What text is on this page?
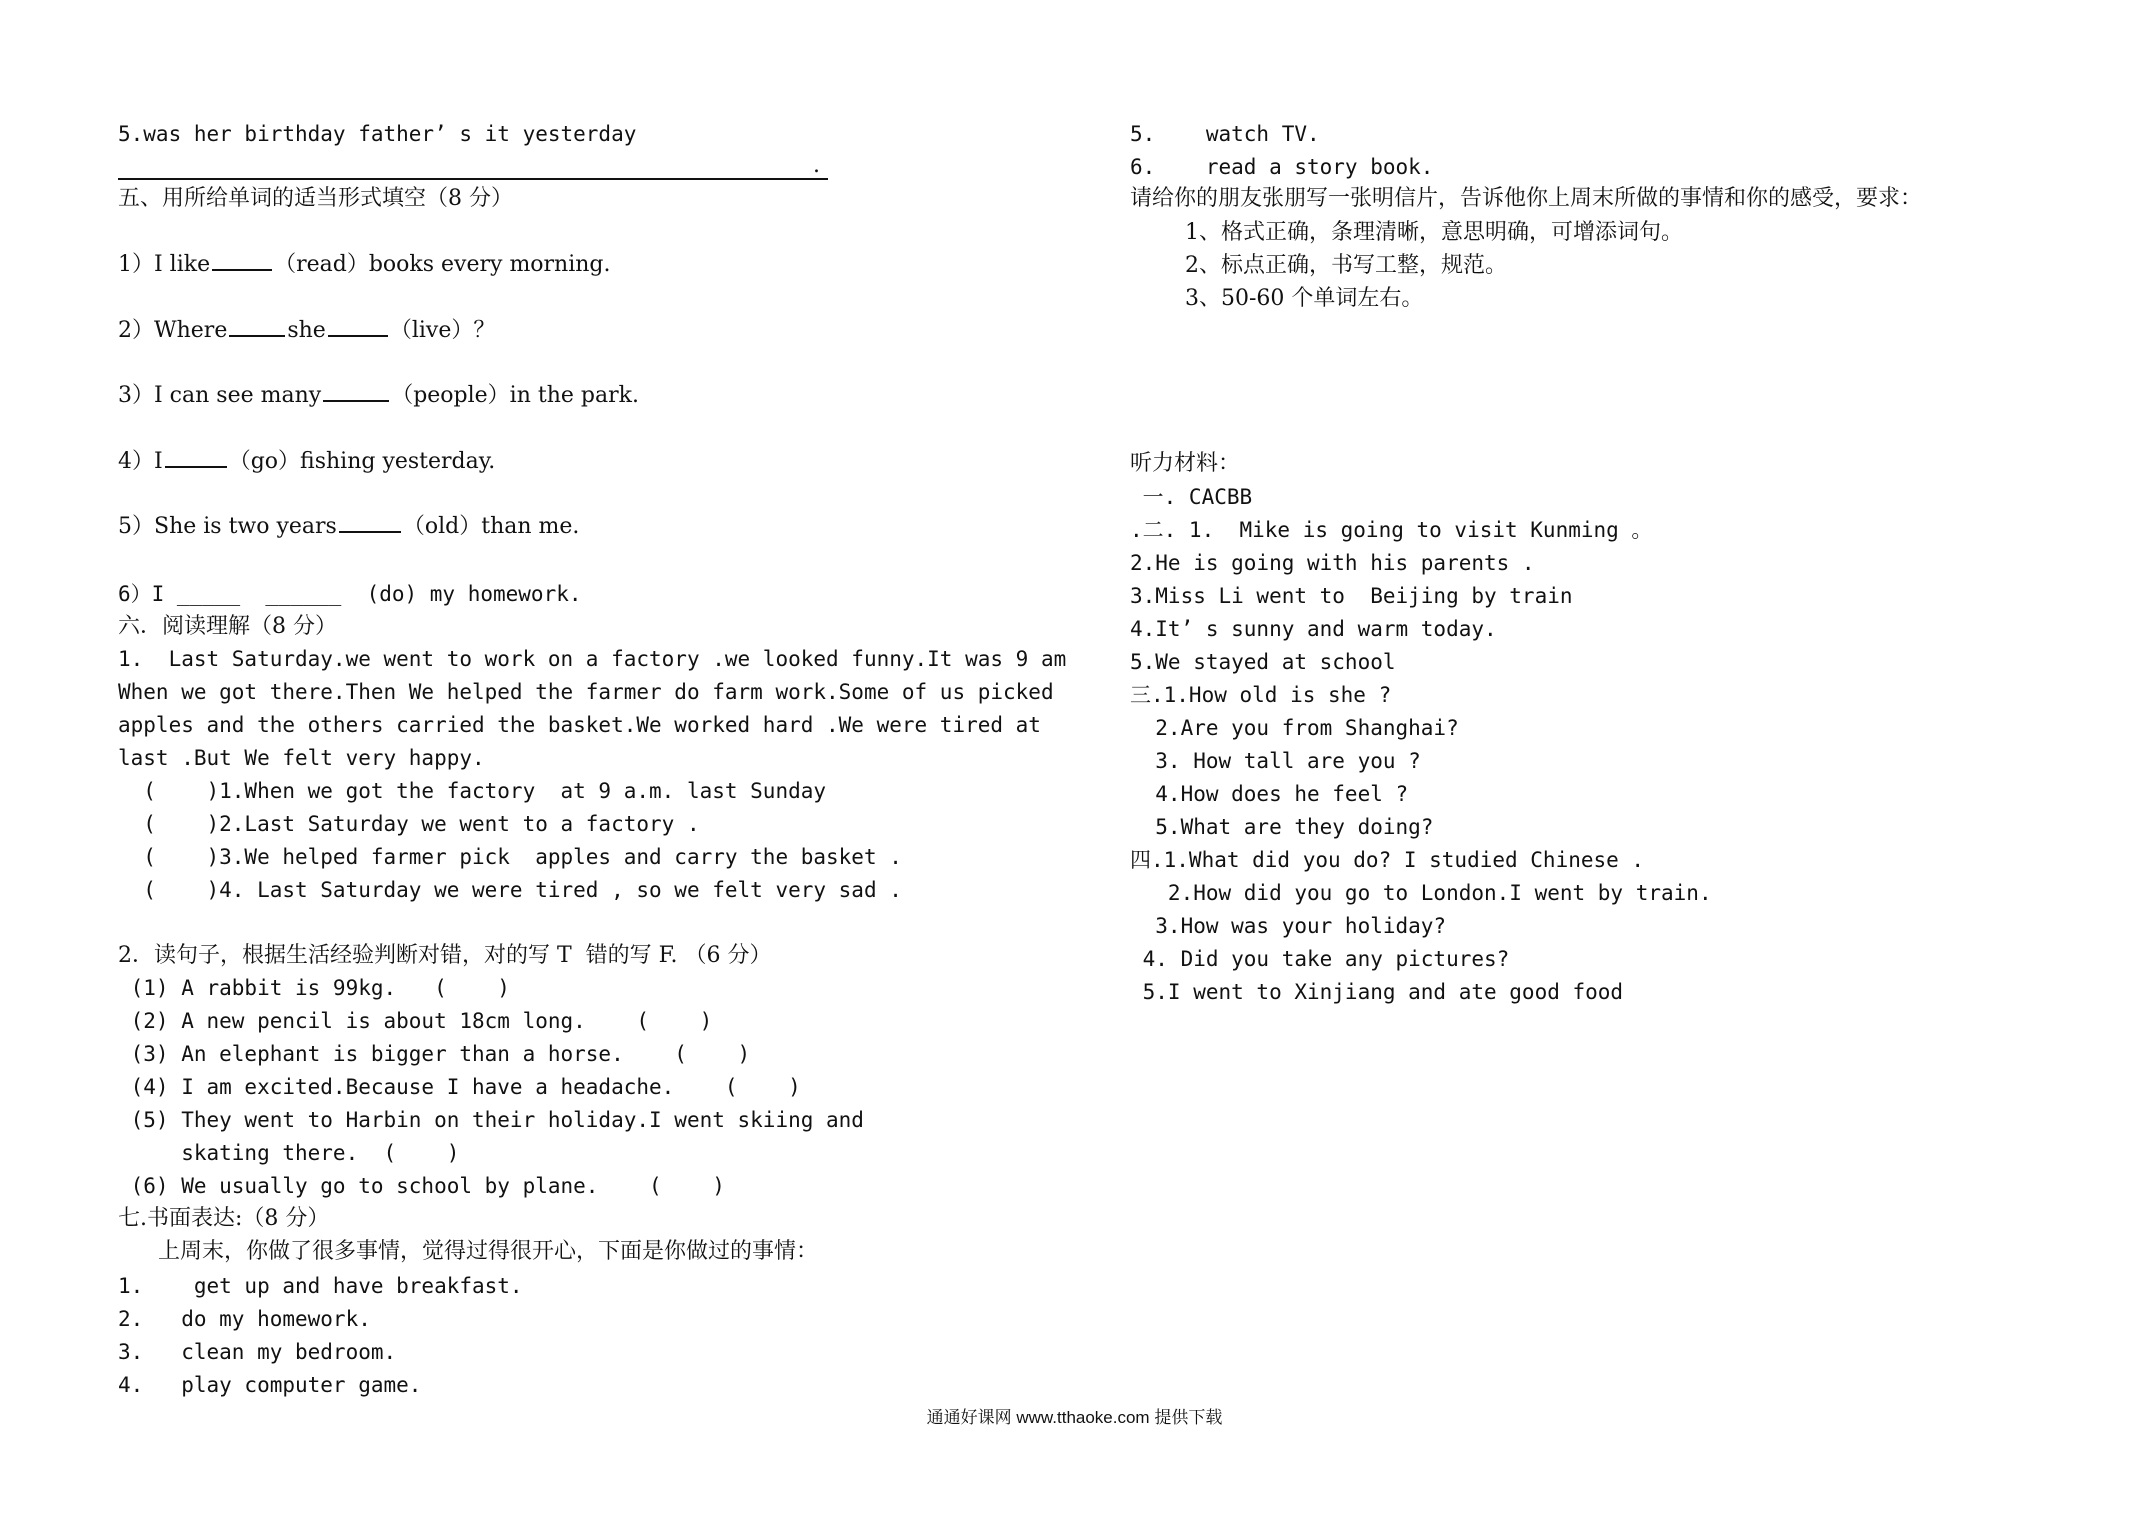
5.was her birthday father’ s it yesterday
.
五、用所给单词的适当形式填空（8 分）
1）I like	（read）books every morning.
2）Where	she	（live）？
3）I can see many	（people）in the park.
4）I	（go）fishing yesterday.
5）She is two years	（old）than me.
6）I _____  ______  (do) my homework.
六．阅读理解（8 分）
1.  Last Saturday.we went to work on a factory .we looked funny.It was 9 am
When we got there.Then We helped the farmer do farm work.Some of us picked
apples and the others carried the basket.We worked hard .We were tired at
last .But We felt very happy.
(    )1.When we got the factory  at 9 a.m. last Sunday
(    )2.Last Saturday we went to a factory .
(    )3.We helped farmer pick  apples and carry the basket .
(    )4. Last Saturday we were tired , so we felt very sad .
2．读句子，根据生活经验判断对错，对的写 T  错的写 F. （6 分）
(1) A rabbit is 99kg.   (    )
(2) A new pencil is about 18cm long.    (    )
(3) An elephant is bigger than a horse.    (    )
(4) I am excited.Because I have a headache.    (    )
(5) They went to Harbin on their holiday.I went skiing and
skating there.  (    )
(6) We usually go to school by plane.    (    )
七.书面表达:（8 分）
上周末，你做了很多事情，觉得过得很开心，下面是你做过的事情：
1.    get up and have breakfast.
2.   do my homework.
3.   clean my bedroom.
4.   play computer game.
5.    watch TV.
6.    read a story book.
请给你的朋友张朋写一张明信片，告诉他你上周末所做的事情和你的感受，要求：
1、格式正确，条理清晰，意思明确，可增添词句。
2、标点正确，书写工整，规范。
3、50-60 个单词左右。
听力材料：
一. CACBB
.二. 1.  Mike is going to visit Kunming 。
2.He is going with his parents .
3.Miss Li went to  Beijing by train
4.It’ s sunny and warm today.
5.We stayed at school
三.1.How old is she ?
2.Are you from Shanghai?
3. How tall are you ?
4.How does he feel ?
5.What are they doing?
四.1.What did you do? I studied Chinese .
2.How did you go to London.I went by train.
3.How was your holiday?
4. Did you take any pictures?
5.I went to Xinjiang and ate good food
通通好课网 www.tthaoke.com 提供下载
